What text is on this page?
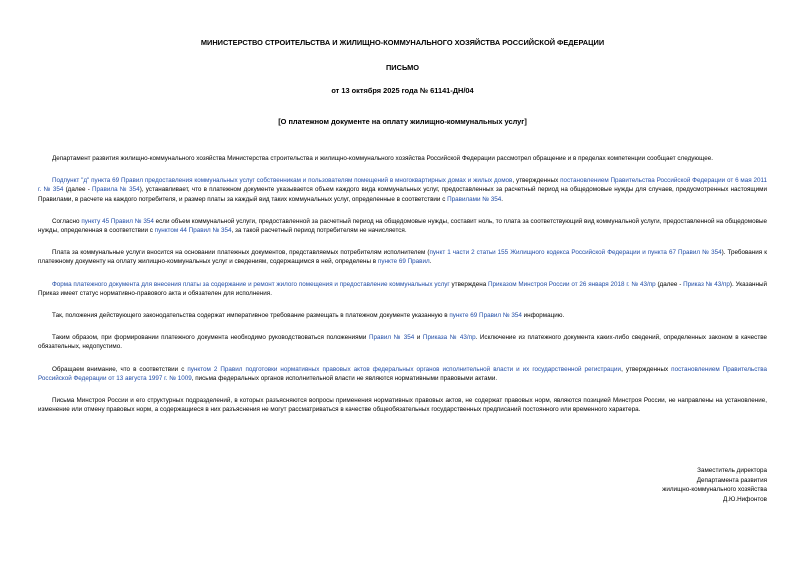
МИНИСТЕРСТВО СТРОИТЕЛЬСТВА И ЖИЛИЩНО-КОММУНАЛЬНОГО ХОЗЯЙСТВА РОССИЙСКОЙ ФЕДЕРАЦИИ

ПИСЬМО

от 13 октября 2025 года № 61141-ДН/04

[О платежном документе на оплату жилищно-коммунальных услуг]

Департамент развития жилищно-коммунального хозяйства Министерства строительства и жилищно-коммунального хозяйства Российской Федерации рассмотрел обращение и в пределах компетенции сообщает следующее.

Подпункт "д" пункта 69 Правил предоставления коммунальных услуг собственникам и пользователям помещений в многоквартирных домах и жилых домов, утвержденных постановлением Правительства Российской Федерации от 6 мая 2011 г. № 354 (далее - Правила № 354), устанавливает, что в платежном документе указывается объем каждого вида коммунальных услуг, предоставленных за расчетный период на общедомовые нужды для случаев, предусмотренных настоящими Правилами, в расчете на каждого потребителя, и размер платы за каждый вид таких коммунальных услуг, определенные в соответствии с Правилами № 354.

Согласно пункту 45 Правил № 354 если объем коммунальной услуги, предоставленной за расчетный период на общедомовые нужды, составит ноль, то плата за соответствующий вид коммунальной услуги, предоставленной на общедомовые нужды, определенная в соответствии с пунктом 44 Правил № 354, за такой расчетный период потребителям не начисляется.

Плата за коммунальные услуги вносится на основании платежных документов, представляемых потребителям исполнителем (пункт 1 части 2 статьи 155 Жилищного кодекса Российской Федерации и пункта 67 Правил № 354). Требования к платежному документу на оплату жилищно-коммунальных услуг и сведениям, содержащимся в ней, определены в пункте 69 Правил.

Форма платежного документа для внесения платы за содержание и ремонт жилого помещения и предоставление коммунальных услуг утверждена Приказом Минстроя России от 26 января 2018 г. № 43/пр (далее - Приказ № 43/пр). Указанный Приказ имеет статус нормативно-правового акта и обязателен для исполнения.

Так, положения действующего законодательства содержат императивное требование размещать в платежном документе указанную в пункте 69 Правил № 354 информацию.

Таким образом, при формировании платежного документа необходимо руководствоваться положениями Правил № 354 и Приказа № 43/пр. Исключение из платежного документа каких-либо сведений, определенных законом в качестве обязательных, недопустимо.

Обращаем внимание, что в соответствии с пунктом 2 Правил подготовки нормативных правовых актов федеральных органов исполнительной власти и их государственной регистрации, утвержденных постановлением Правительства Российской Федерации от 13 августа 1997 г. № 1009, письма федеральных органов исполнительной власти не являются нормативными правовыми актами.

Письма Минстроя России и его структурных подразделений, в которых разъясняются вопросы применения нормативных правовых актов, не содержат правовых норм, являются позицией Минстроя России, не направлены на установление, изменение или отмену правовых норм, а содержащиеся в них разъяснения не могут рассматриваться в качестве общеобязательных государственных предписаний постоянного или временного характера.

Заместитель директора
Департамента развития
жилищно-коммунального хозяйства
Д.Ю.Нифонтов
